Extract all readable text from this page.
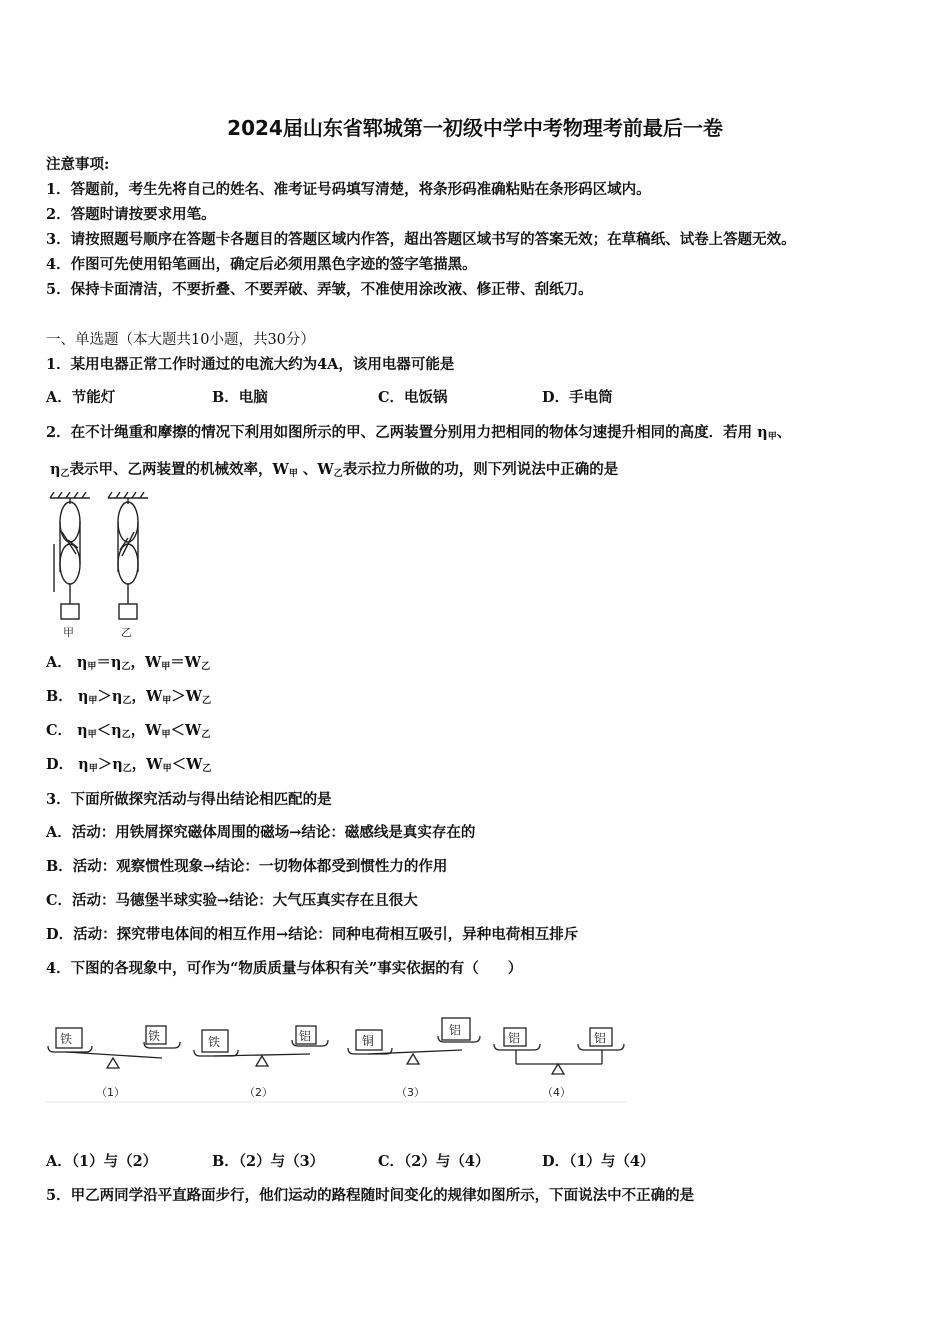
2024届山东省郓城第一初级中学中考物理考前最后一卷
注意事项:
1．答题前，考生先将自己的姓名、准考证号码填写清楚，将条形码准确粘贴在条形码区域内。
2．答题时请按要求用笔。
3．请按照题号顺序在答题卡各题目的答题区域内作答，超出答题区域书写的答案无效；在草稿纸、试卷上答题无效。
4．作图可先使用铅笔画出，确定后必须用黑色字迹的签字笔描黑。
5．保持卡面清洁，不要折叠、不要弄破、弄皱，不准使用涂改液、修正带、刮纸刀。
一、单选题（本大题共10小题，共30分）
1．某用电器正常工作时通过的电流大约为4A，该用电器可能是
A．节能灯	B．电脑	C．电饭锅	D．手电筒
2．在不计绳重和摩擦的情况下利用如图所示的甲、乙两装置分别用力把相同的物体匀速提升相同的高度．若用 $\eta_甲$、
$\eta_乙$表示甲、乙两装置的机械效率，$W_甲$ 、$W_乙$表示拉力所做的功，则下列说法中正确的是
甲	乙
A． $\eta_甲=\eta_乙$，$W_甲=W_乙$
B． $\eta_甲>\eta_乙$，$W_甲>W_乙$
C． $\eta_甲<\eta_乙$，$W_甲<W_乙$
D． $\eta_甲>\eta_乙$，$W_甲<W_乙$
3．下面所做探究活动与得出结论相匹配的是
A．活动：用铁屑探究磁体周围的磁场→结论：磁感线是真实存在的
B．活动：观察惯性现象→结论：一切物体都受到惯性力的作用
C．活动：马德堡半球实验→结论：大气压真实存在且很大
D．活动：探究带电体间的相互作用→结论：同种电荷相互吸引，异种电荷相互排斥
4．下图的各现象中，可作为“物质质量与体积有关”事实依据的有（　　）
铁	铁	铁	铝	铜
铝
铝	铝
（1）	（2）	（3）	（4）
A．（1）与（2）	B．（2）与（3）	C．（2）与（4）	D．（1）与（4）
5．甲乙两同学沿平直路面步行，他们运动的路程随时间变化的规律如图所示，下面说法中不正确的是
